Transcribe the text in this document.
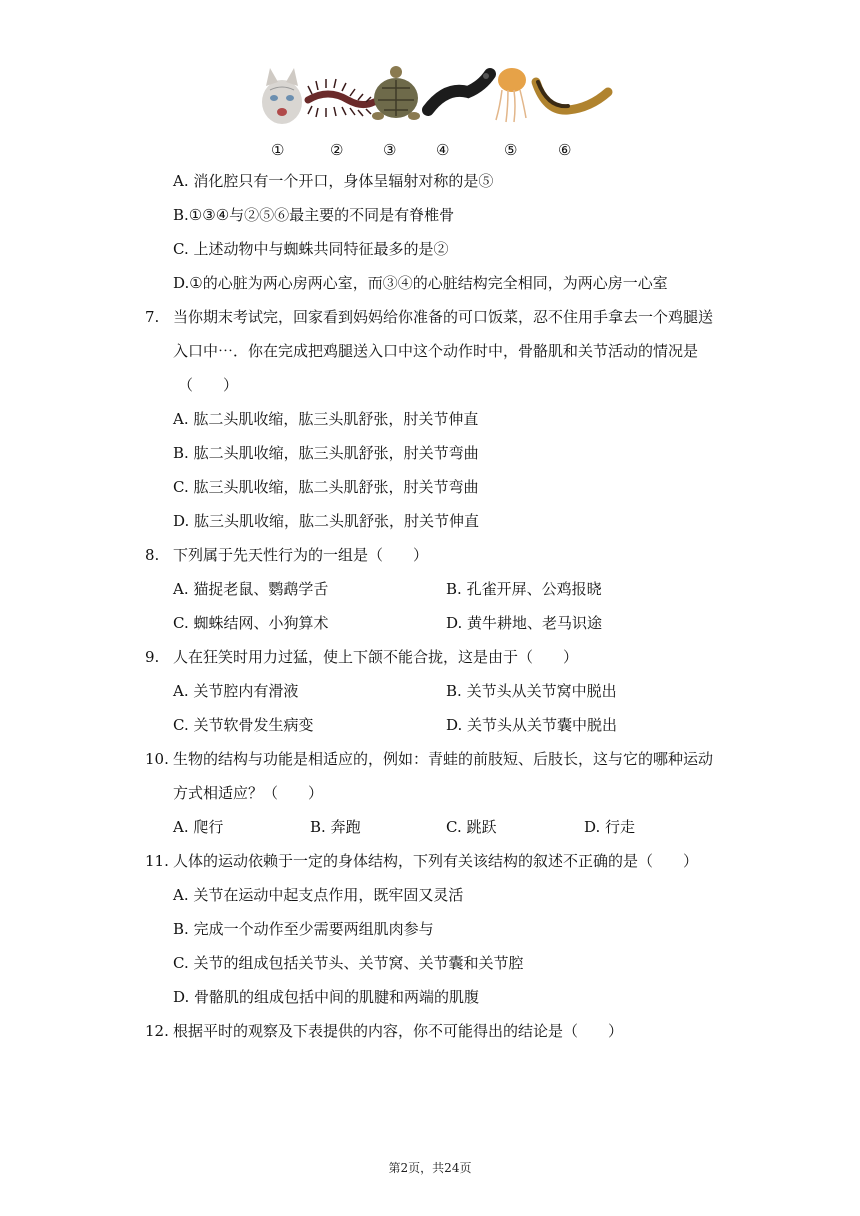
①	②	③	④	⑤	⑥
A. 消化腔只有一个开口，身体呈辐射对称的是⑤
B.①③④与②⑤⑥最主要的不同是有脊椎骨
C. 上述动物中与蜘蛛共同特征最多的是②
D.①的心脏为两心房两心室，而③④的心脏结构完全相同，为两心房一心室
7. 当你期末考试完，回家看到妈妈给你准备的可口饭菜，忍不住用手拿去一个鸡腿送
入口中⋯．你在完成把鸡腿送入口中这个动作时中，骨骼肌和关节活动的情况是
（　　）
A. 肱二头肌收缩，肱三头肌舒张，肘关节伸直
B. 肱二头肌收缩，肱三头肌舒张，肘关节弯曲
C. 肱三头肌收缩，肱二头肌舒张，肘关节弯曲
D. 肱三头肌收缩，肱二头肌舒张，肘关节伸直
8. 下列属于先天性行为的一组是（　　）
A. 猫捉老鼠、鹦鹉学舌	B. 孔雀开屏、公鸡报晓
C. 蜘蛛结网、小狗算术	D. 黄牛耕地、老马识途
9. 人在狂笑时用力过猛，使上下颌不能合拢，这是由于（　　）
A. 关节腔内有滑液	B. 关节头从关节窝中脱出
C. 关节软骨发生病变	D. 关节头从关节囊中脱出
10. 生物的结构与功能是相适应的，例如：青蛙的前肢短、后肢长，这与它的哪种运动
方式相适应？（　　）
A. 爬行	B. 奔跑	C. 跳跃	D. 行走
11. 人体的运动依赖于一定的身体结构，下列有关该结构的叙述不正确的是（　　）
A. 关节在运动中起支点作用，既牢固又灵活
B. 完成一个动作至少需要两组肌肉参与
C. 关节的组成包括关节头、关节窝、关节囊和关节腔
D. 骨骼肌的组成包括中间的肌腱和两端的肌腹
12. 根据平时的观察及下表提供的内容，你不可能得出的结论是（　　）
第2页，共24页
